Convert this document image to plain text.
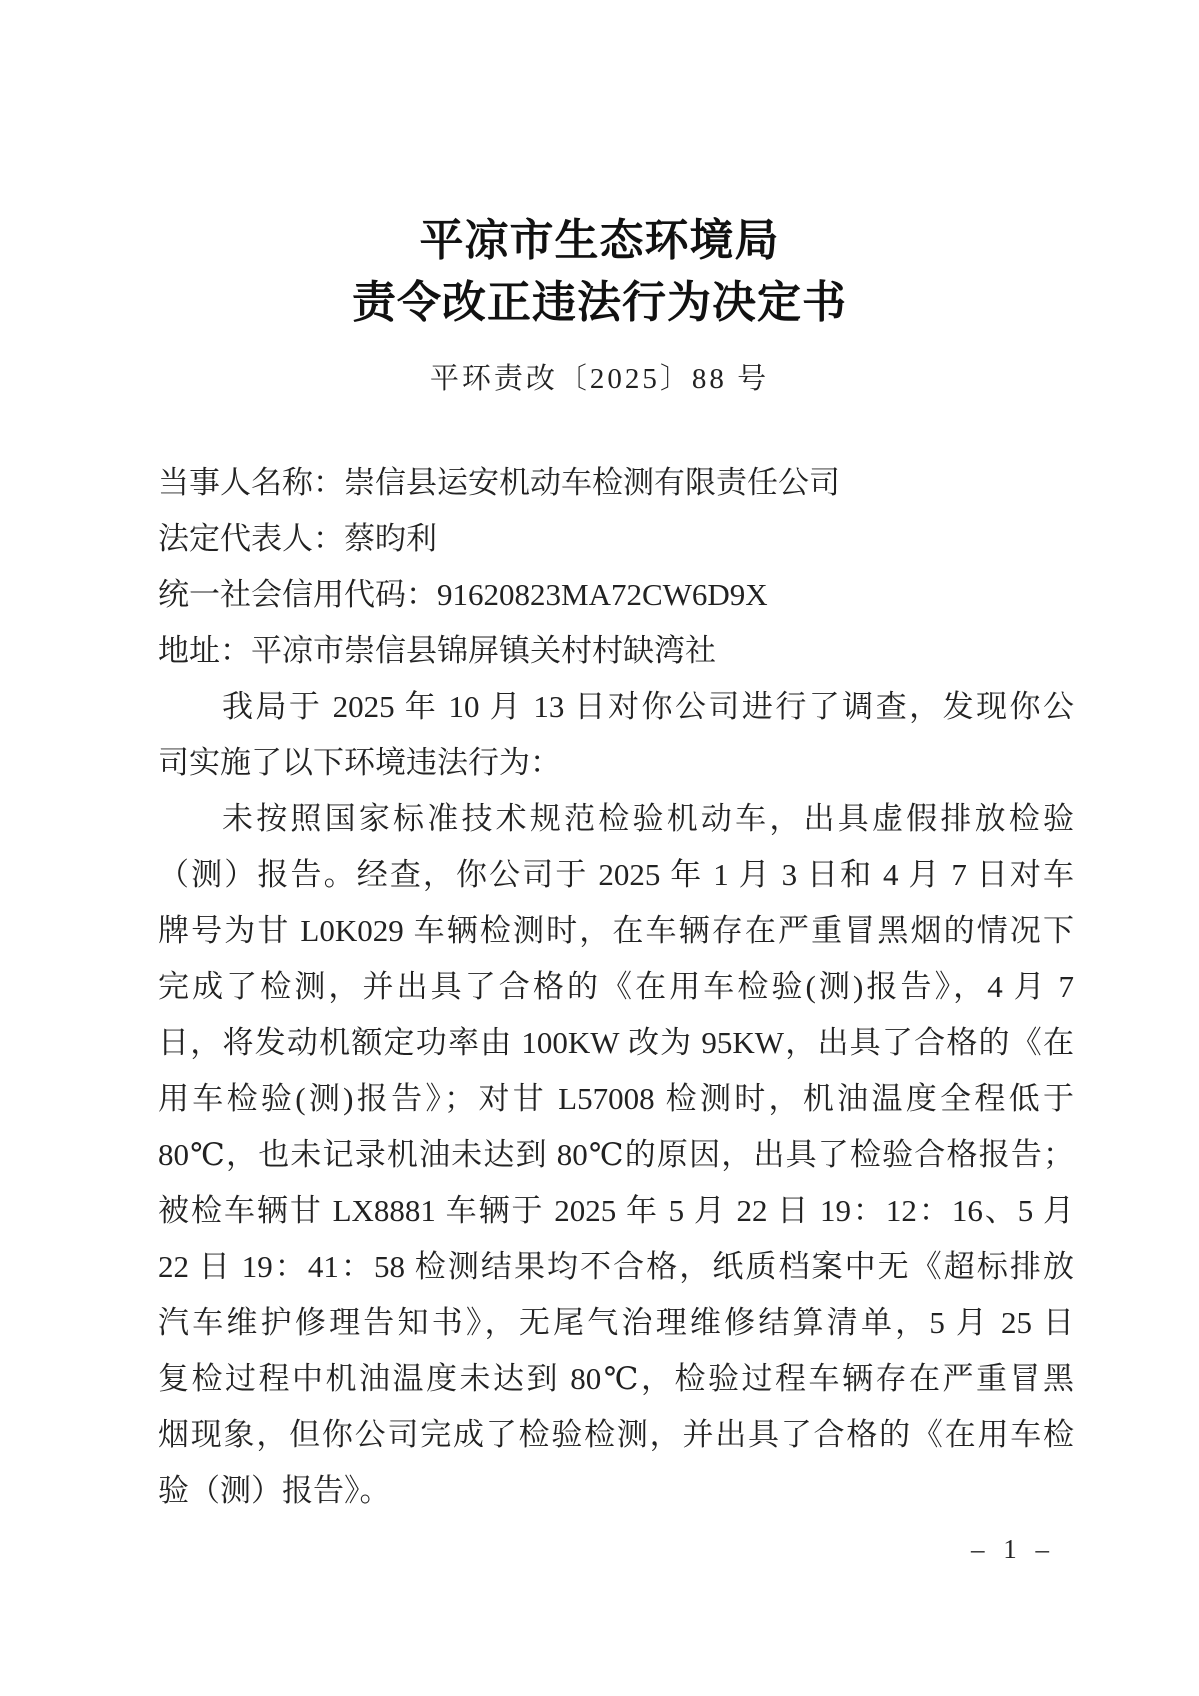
平凉市生态环境局
责令改正违法行为决定书
平环责改〔2025〕88 号
当事人名称：崇信县运安机动车检测有限责任公司
法定代表人：蔡昀利
统一社会信用代码：91620823MA72CW6D9X
地址：平凉市崇信县锦屏镇关村村缺湾社
我局于 2025 年 10 月 13 日对你公司进行了调查，发现你公
司实施了以下环境违法行为：
未按照国家标准技术规范检验机动车，出具虚假排放检验
（测）报告。经查，你公司于 2025 年 1 月 3 日和 4 月 7 日对车
牌号为甘 L0K029 车辆检测时，在车辆存在严重冒黑烟的情况下
完成了检测，并出具了合格的《在用车检验(测)报告》，4 月 7
日，将发动机额定功率由 100KW 改为 95KW，出具了合格的《在
用车检验(测)报告》；对甘 L57008 检测时，机油温度全程低于
80℃，也未记录机油未达到 80℃的原因，出具了检验合格报告；
被检车辆甘 LX8881 车辆于 2025 年 5 月 22 日 19：12：16、5 月
22 日 19：41：58 检测结果均不合格，纸质档案中无《超标排放
汽车维护修理告知书》，无尾气治理维修结算清单，5 月 25 日
复检过程中机油温度未达到 80℃，检验过程车辆存在严重冒黑
烟现象，但你公司完成了检验检测，并出具了合格的《在用车检
验（测）报告》。
– 1 –
